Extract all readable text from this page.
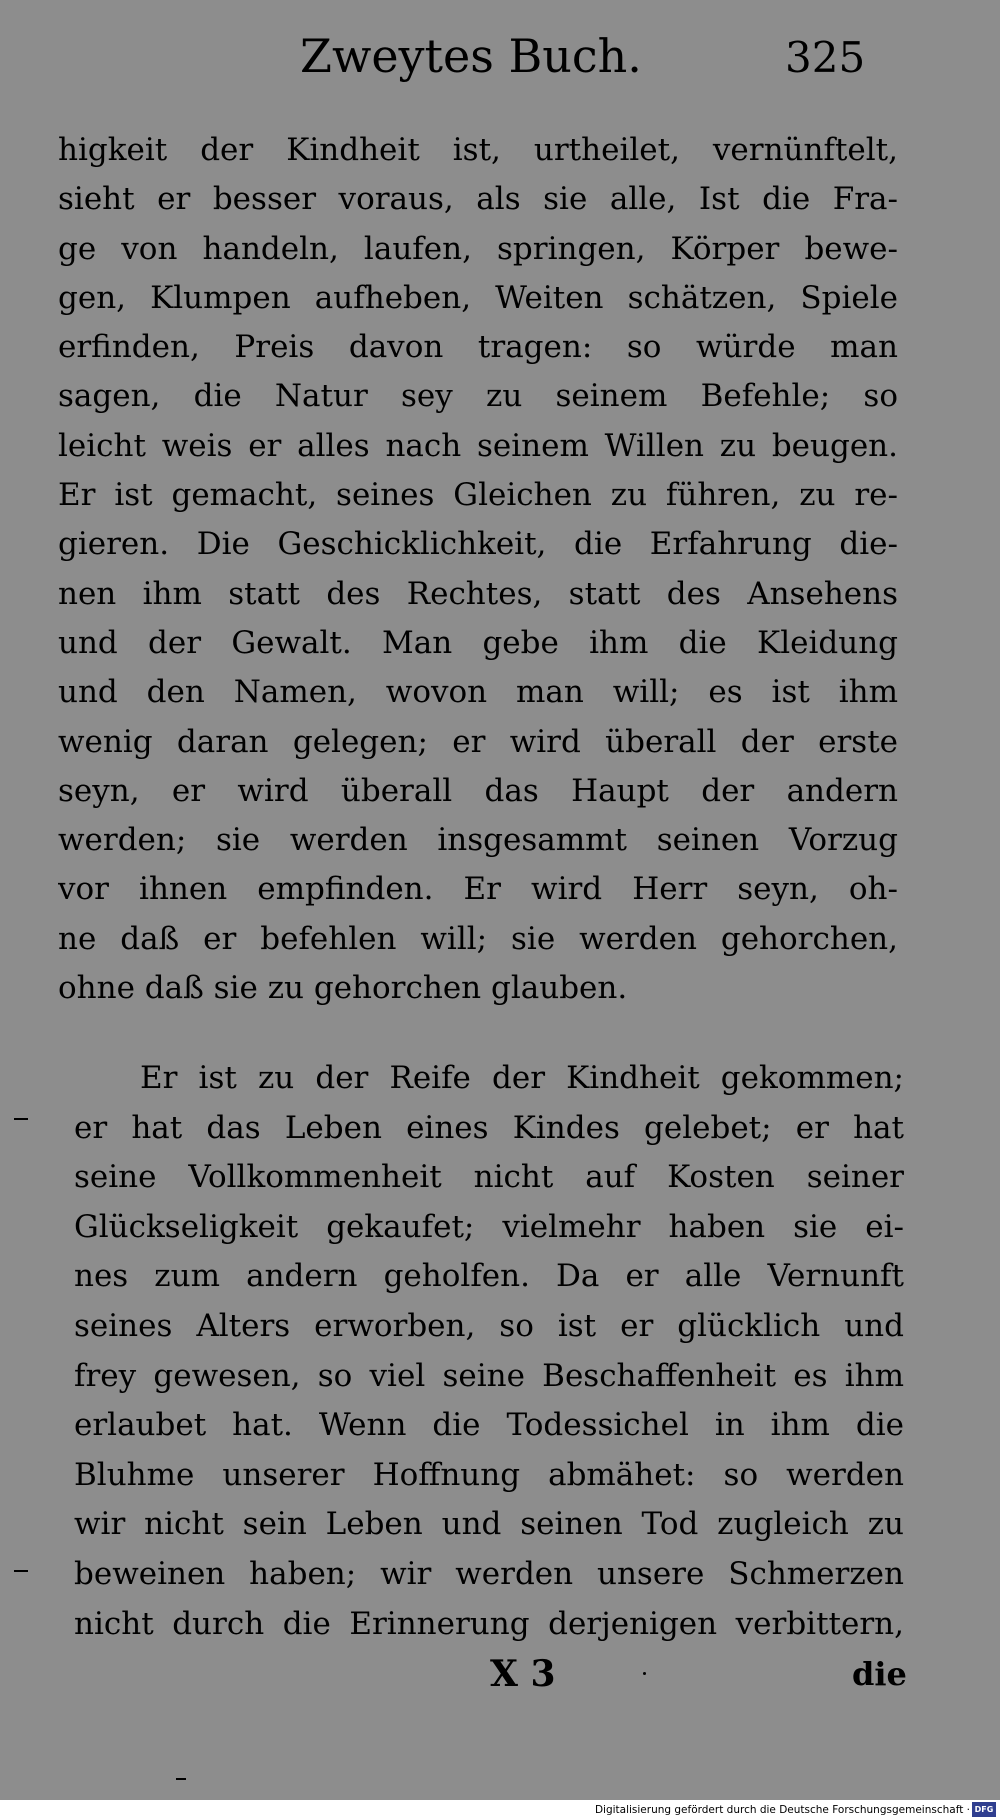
Zweytes Buch.	325
higkeit der Kindheit ist, urtheilet, vernünftelt,
sieht er besser voraus, als sie alle, Ist die Fra-
ge von handeln, laufen, springen, Körper bewe-
gen, Klumpen aufheben, Weiten schätzen, Spiele
erfinden, Preis davon tragen: so würde man
sagen, die Natur sey zu seinem Befehle; so
leicht weis er alles nach seinem Willen zu beugen.
Er ist gemacht, seines Gleichen zu führen, zu re-
gieren. Die Geschicklichkeit, die Erfahrung die-
nen ihm statt des Rechtes, statt des Ansehens
und der Gewalt. Man gebe ihm die Kleidung
und den Namen, wovon man will; es ist ihm
wenig daran gelegen; er wird überall der erste
seyn, er wird überall das Haupt der andern
werden; sie werden insgesammt seinen Vorzug
vor ihnen empfinden. Er wird Herr seyn, oh-
ne daß er befehlen will; sie werden gehorchen,
ohne daß sie zu gehorchen glauben.
Er ist zu der Reife der Kindheit gekommen;
er hat das Leben eines Kindes gelebet; er hat
seine Vollkommenheit nicht auf Kosten seiner
Glückseligkeit gekaufet; vielmehr haben sie ei-
nes zum andern geholfen. Da er alle Vernunft
seines Alters erworben, so ist er glücklich und
frey gewesen, so viel seine Beschaffenheit es ihm
erlaubet hat. Wenn die Todessichel in ihm die
Bluhme unserer Hoffnung abmähet: so werden
wir nicht sein Leben und seinen Tod zugleich zu
beweinen haben; wir werden unsere Schmerzen
nicht durch die Erinnerung derjenigen verbittern,
X 3	die
Digitalisierung gefördert durch die Deutsche Forschungsgemeinschaft · DFG
